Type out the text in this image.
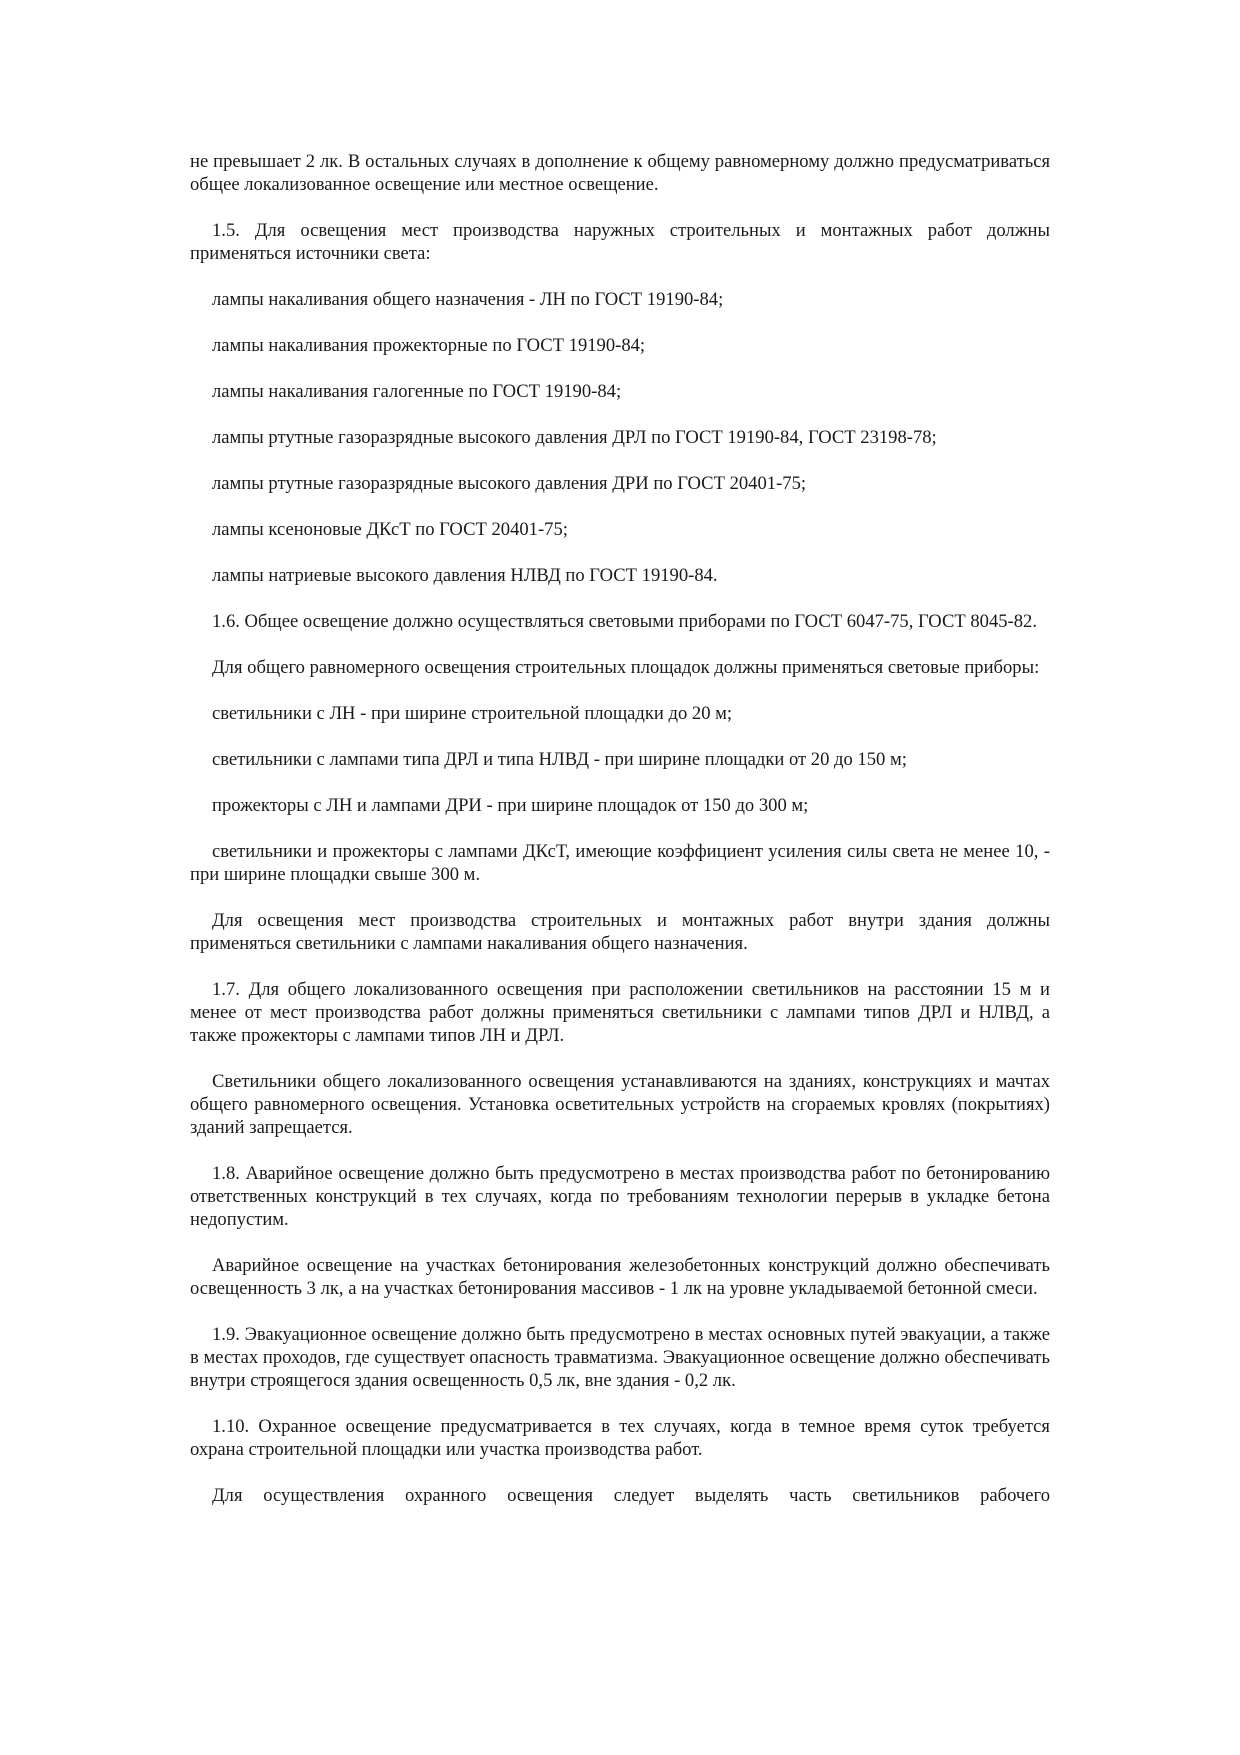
не превышает 2 лк. В остальных случаях в дополнение к общему равномерному должно предусматриваться общее локализованное освещение или местное освещение.

1.5. Для освещения мест производства наружных строительных и монтажных работ должны применяться источники света:

лампы накаливания общего назначения - ЛН по ГОСТ 19190-84;

лампы накаливания прожекторные по ГОСТ 19190-84;

лампы накаливания галогенные по ГОСТ 19190-84;

лампы ртутные газоразрядные высокого давления ДРЛ по ГОСТ 19190-84, ГОСТ 23198-78;

лампы ртутные газоразрядные высокого давления ДРИ по ГОСТ 20401-75;

лампы ксеноновые ДКсТ по ГОСТ 20401-75;

лампы натриевые высокого давления НЛВД по ГОСТ 19190-84.

1.6. Общее освещение должно осуществляться световыми приборами по ГОСТ 6047-75, ГОСТ 8045-82.

Для общего равномерного освещения строительных площадок должны применяться световые приборы:

светильники с ЛН - при ширине строительной площадки до 20 м;

светильники с лампами типа ДРЛ и типа НЛВД - при ширине площадки от 20 до 150 м;

прожекторы с ЛН и лампами ДРИ - при ширине площадок от 150 до 300 м;

светильники и прожекторы с лампами ДКсТ, имеющие коэффициент усиления силы света не менее 10, - при ширине площадки свыше 300 м.

Для освещения мест производства строительных и монтажных работ внутри здания должны применяться светильники с лампами накаливания общего назначения.

1.7. Для общего локализованного освещения при расположении светильников на расстоянии 15 м и менее от мест производства работ должны применяться светильники с лампами типов ДРЛ и НЛВД, а также прожекторы с лампами типов ЛН и ДРЛ.

Светильники общего локализованного освещения устанавливаются на зданиях, конструкциях и мачтах общего равномерного освещения. Установка осветительных устройств на сгораемых кровлях (покрытиях) зданий запрещается.

1.8. Аварийное освещение должно быть предусмотрено в местах производства работ по бетонированию ответственных конструкций в тех случаях, когда по требованиям технологии перерыв в укладке бетона недопустим.

Аварийное освещение на участках бетонирования железобетонных конструкций должно обеспечивать освещенность 3 лк, а на участках бетонирования массивов - 1 лк на уровне укладываемой бетонной смеси.

1.9. Эвакуационное освещение должно быть предусмотрено в местах основных путей эвакуации, а также в местах проходов, где существует опасность травматизма. Эвакуационное освещение должно обеспечивать внутри строящегося здания освещенность 0,5 лк, вне здания - 0,2 лк.

1.10. Охранное освещение предусматривается в тех случаях, когда в темное время суток требуется охрана строительной площадки или участка производства работ.

Для осуществления охранного освещения следует выделять часть светильников рабочего
